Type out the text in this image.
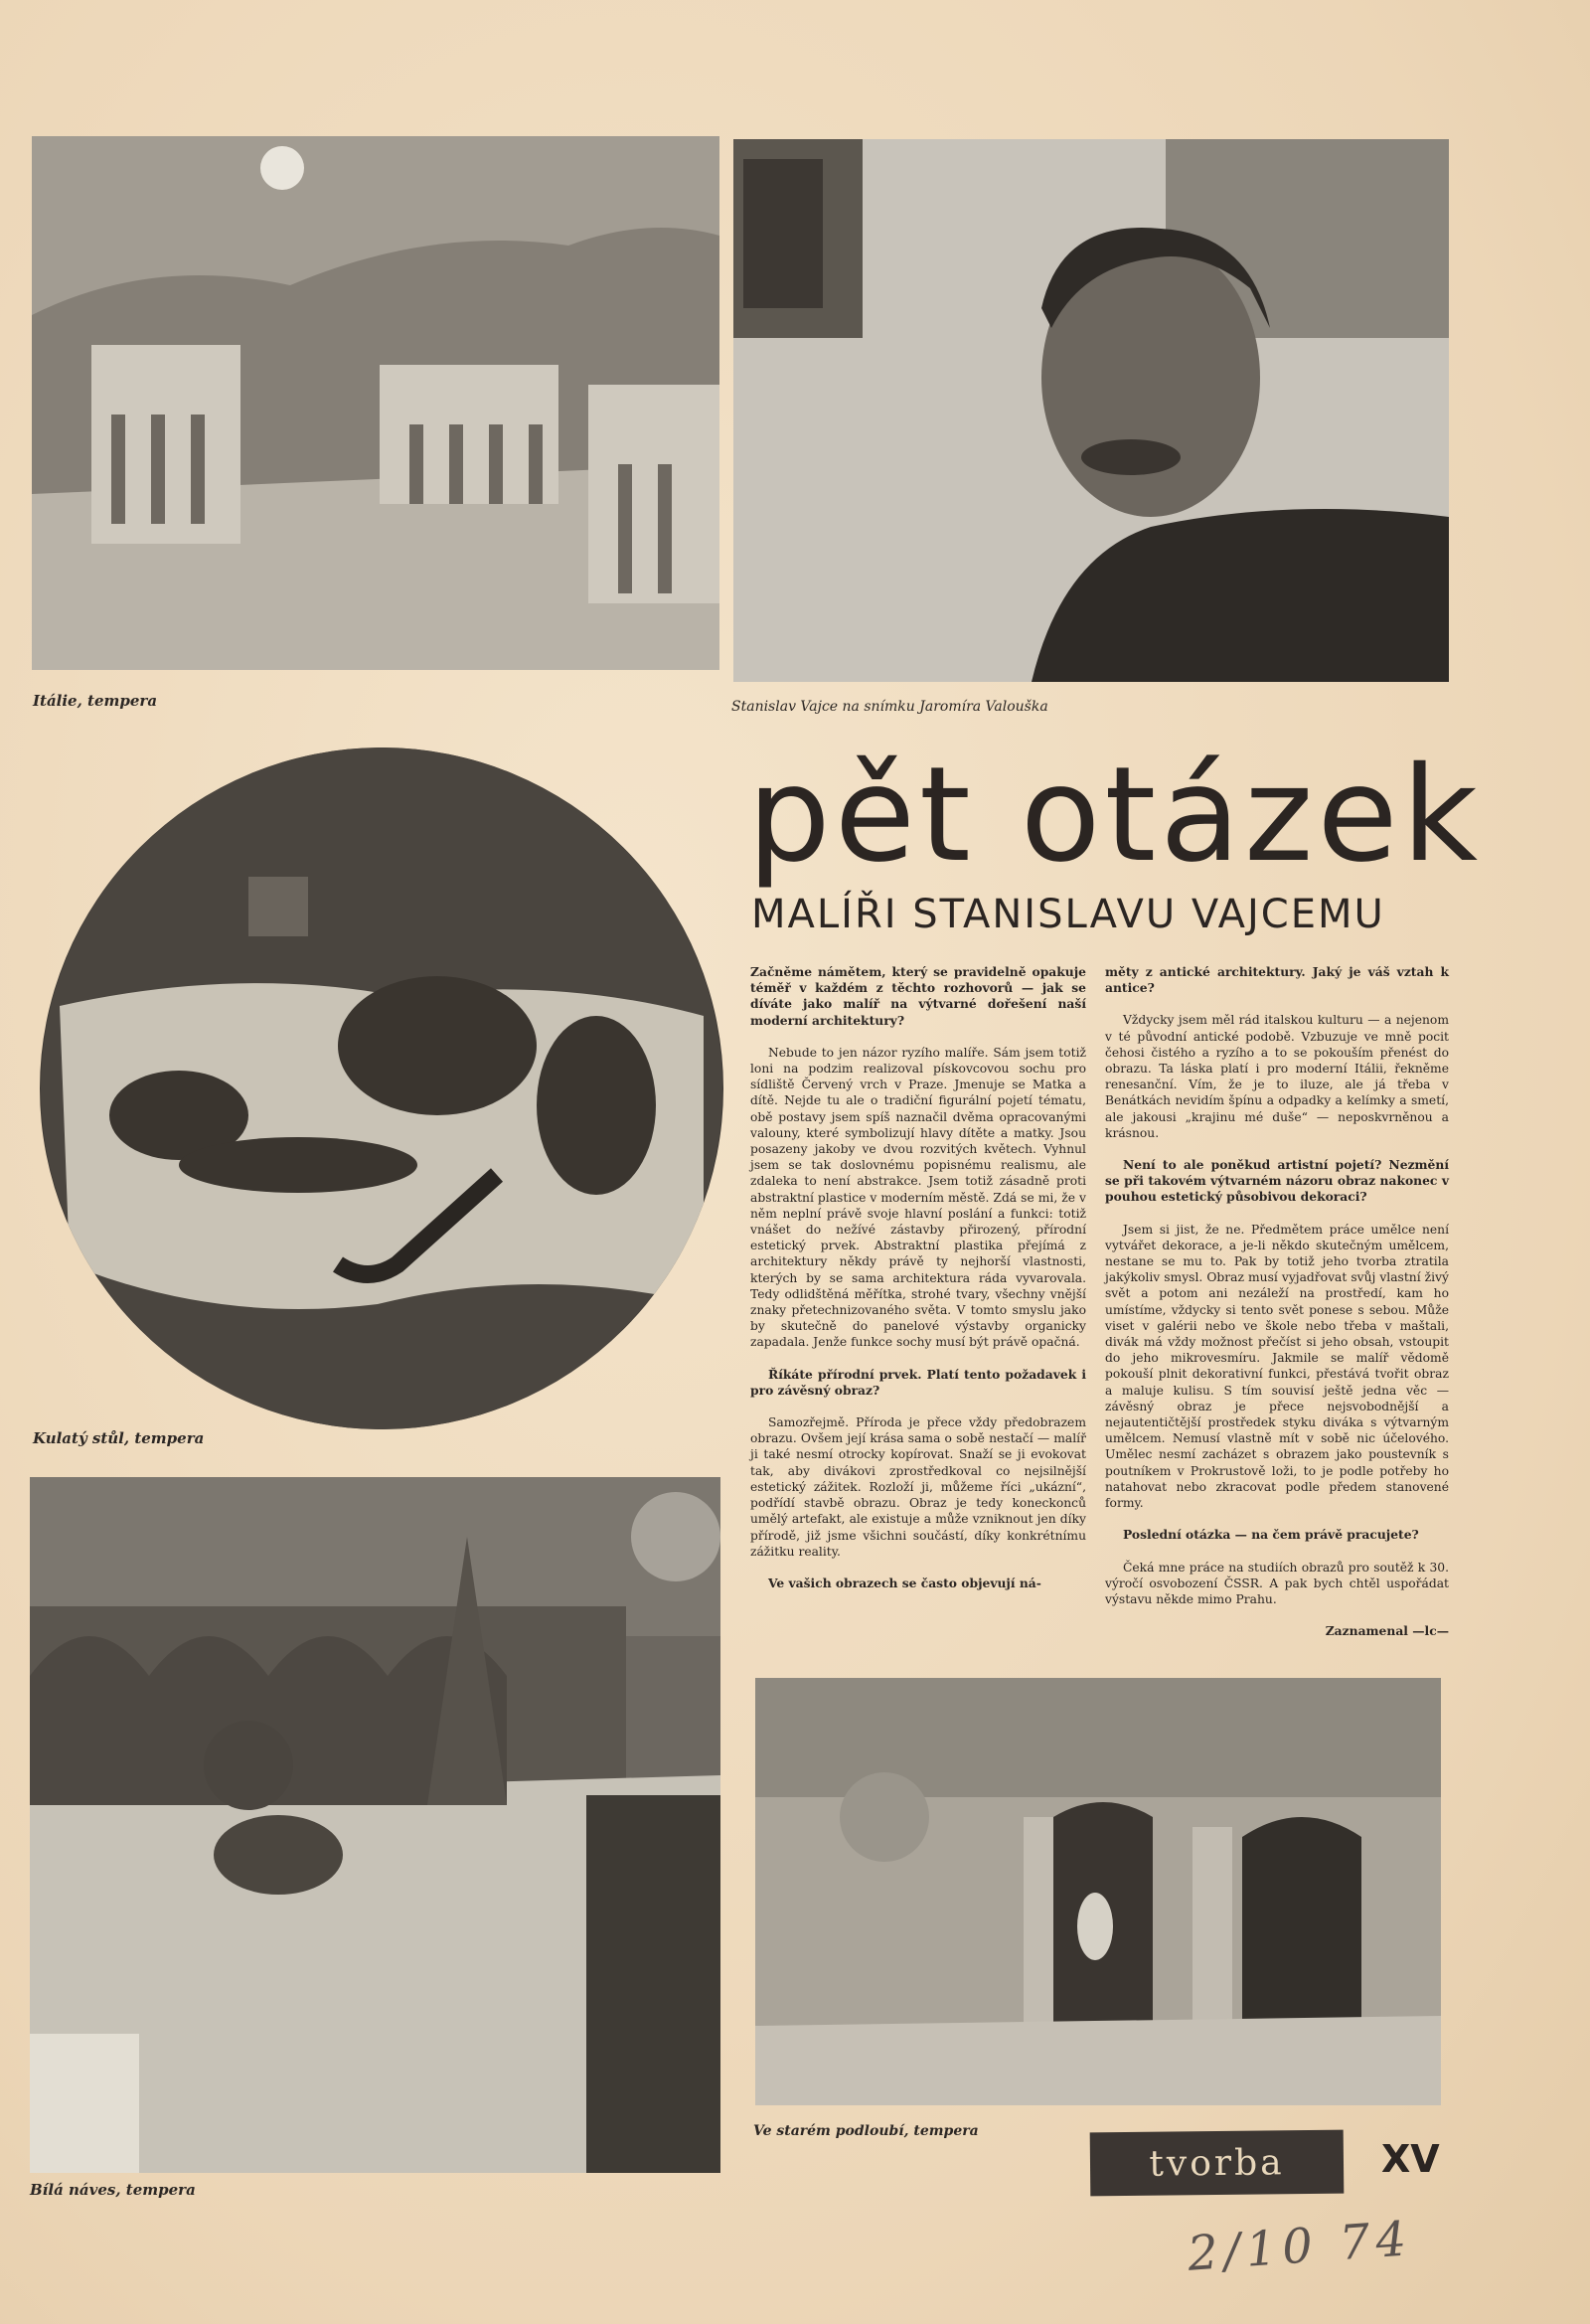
Itálie, tempera	Stanislav Vajce na snímku Jaromíra Valouška
Kulatý stůl, tempera
Bílá náves, tempera
Ve starém podloubí, tempera
pět otázek
MALÍŘI STANISLAVU VAJCEMU

Začněme námětem, který se pravidelně opakuje téměř v každém z těchto rozhovorů — jak se díváte jako malíř na výtvarné dořešení naší moderní architektury?

Nebude to jen názor ryzího malíře. Sám jsem totiž loni na podzim realizoval pískovcovou sochu pro sídliště Červený vrch v Praze. Jmenuje se Matka a dítě. Nejde tu ale o tradiční figurální pojetí tématu, obě postavy jsem spíš naznačil dvěma opracovanými valouny, které symbolizují hlavy dítěte a matky. Jsou posazeny jakoby ve dvou rozvitých květech. Vyhnul jsem se tak doslovnému popisnému realismu, ale zdaleka to není abstrakce. Jsem totiž zásadně proti abstraktní plastice v moderním městě. Zdá se mi, že v něm neplní právě svoje hlavní poslání a funkci: totiž vnášet do nežívé zástavby přirozený, přírodní estetický prvek. Abstraktní plastika přejímá z architektury někdy právě ty nejhorší vlastnosti, kterých by se sama architektura ráda vyvarovala. Tedy odlidštěná měřítka, strohé tvary, všechny vnější znaky přetechnizovaného světa. V tomto smyslu jako by skutečně do panelové výstavby organicky zapadala. Jenže funkce sochy musí být právě opačná.

Říkáte přírodní prvek. Platí tento požadavek i pro závěsný obraz?

Samozřejmě. Příroda je přece vždy předobrazem obrazu. Ovšem její krása sama o sobě nestačí — malíř ji také nesmí otrocky kopírovat. Snaží se ji evokovat tak, aby divákovi zprostředkoval co nejsilnější estetický zážitek. Rozloží ji, můžeme říci „ukázní“, podřídí stavbě obrazu. Obraz je tedy koneckonců umělý artefakt, ale existuje a může vzniknout jen díky přírodě, již jsme všichni součástí, díky konkrétnímu zážitku reality.

Ve vašich obrazech se často objevují ná-

měty z antické architektury. Jaký je váš vztah k antice?

Vždycky jsem měl rád italskou kulturu — a nejenom v té původní antické podobě. Vzbuzuje ve mně pocit čehosi čistého a ryzího a to se pokouším přenést do obrazu. Ta láska platí i pro moderní Itálii, řekněme renesanční. Vím, že je to iluze, ale já třeba v Benátkách nevidím špínu a odpadky a kelímky a smetí, ale jakousi „krajinu mé duše“ — neposkvrněnou a krásnou.

Není to ale poněkud artistní pojetí? Nezmění se při takovém výtvarném názoru obraz nakonec v pouhou estetický působivou dekoraci?

Jsem si jist, že ne. Předmětem práce umělce není vytvářet dekorace, a je-li někdo skutečným umělcem, nestane se mu to. Pak by totiž jeho tvorba ztratila jakýkoliv smysl. Obraz musí vyjadřovat svůj vlastní živý svět a potom ani nezáleží na prostředí, kam ho umístíme, vždycky si tento svět ponese s sebou. Může viset v galérii nebo ve škole nebo třeba v maštali, divák má vždy možnost přečíst si jeho obsah, vstoupit do jeho mikrovesmíru. Jakmile se malíř vědomě pokouší plnit dekorativní funkci, přestává tvořit obraz a maluje kulisu. S tím souvisí ještě jedna věc — závěsný obraz je přece nejsvobodnější a nejautentičtější prostředek styku diváka s výtvarným umělcem. Nemusí vlastně mít v sobě nic účelového. Umělec nesmí zacházet s obrazem jako poustevník s poutníkem v Prokrustově loži, to je podle potřeby ho natahovat nebo zkracovat podle předem stanovené formy.

Poslední otázka — na čem právě pracujete?

Čeká mne práce na studiích obrazů pro soutěž k 30. výročí osvobození ČSSR. A pak bych chtěl uspořádat výstavu někde mimo Prahu.

Zaznamenal —lc—

tvorba	XV
2/10 74
